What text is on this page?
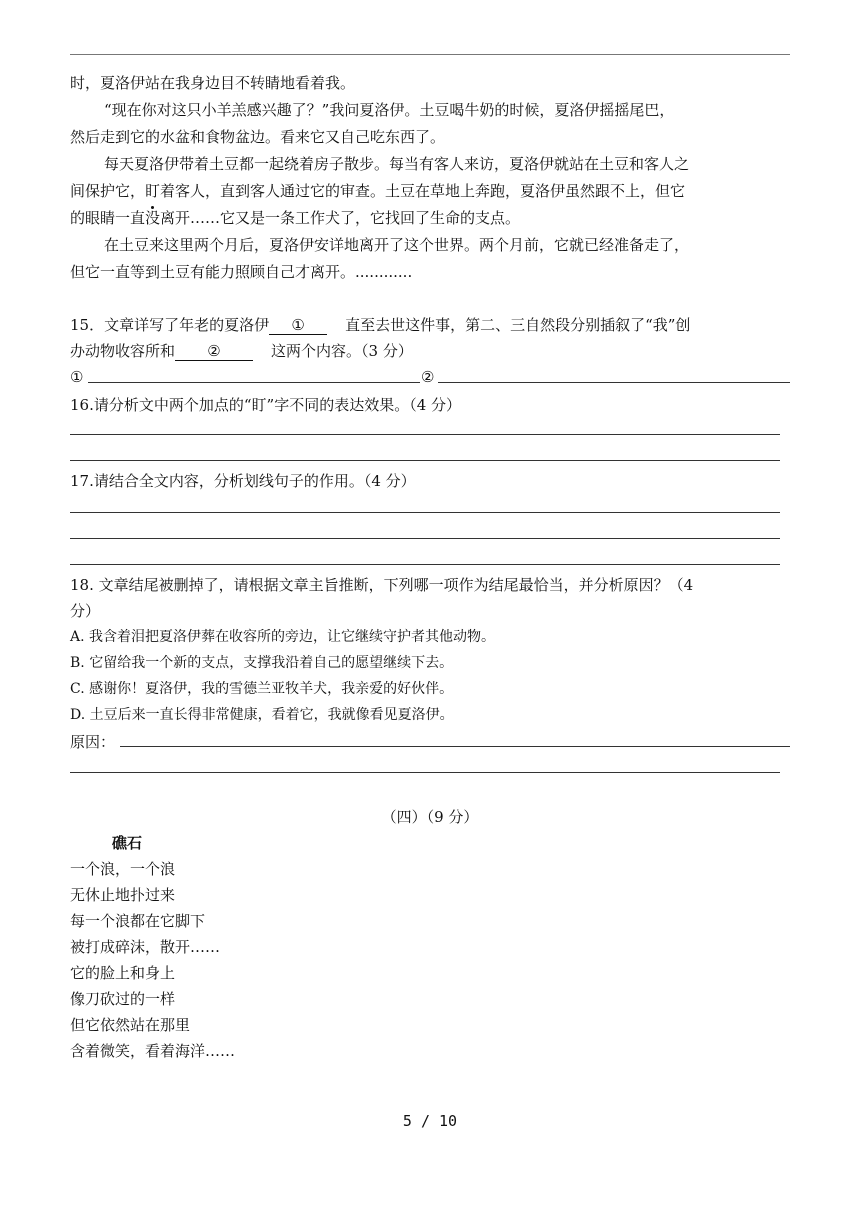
时，夏洛伊站在我身边目不转睛地看着我。
“现在你对这只小羊羔感兴趣了？”我问夏洛伊。土豆喝牛奶的时候，夏洛伊摇摇尾巴，
然后走到它的水盆和食物盆边。看来它又自己吃东西了。
每天夏洛伊带着土豆都一起绕着房子散步。每当有客人来访，夏洛伊就站在土豆和客人之
间保护它，盯着客人，直到客人通过它的审查。土豆在草地上奔跑，夏洛伊虽然跟不上，但它
的眼睛一直没离开……它又是一条工作犬了，它找回了生命的支点。
在土豆来这里两个月后，夏洛伊安详地离开了这个世界。两个月前，它就已经准备走了，
但它一直等到土豆有能力照顾自己才离开。............
15．文章详写了年老的夏洛伊 ①	直至去世这件事，第二、三自然段分别插叙了“我”创
办动物收容所和 ②	这两个内容。（3 分）
①	②
16.请分析文中两个加点的“盯”字不同的表达效果。（4 分）
17.请结合全文内容，分析划线句子的作用。（4 分）
18. 文章结尾被删掉了，请根据文章主旨推断，下列哪一项作为结尾最恰当，并分析原因？（4
分）
A. 我含着泪把夏洛伊葬在收容所的旁边，让它继续守护者其他动物。
B. 它留给我一个新的支点，支撑我沿着自己的愿望继续下去。
C. 感谢你！夏洛伊，我的雪德兰亚牧羊犬，我亲爱的好伙伴。
D. 土豆后来一直长得非常健康，看着它，我就像看见夏洛伊。
原因：
（四）（9 分）
礁石
一个浪，一个浪
无休止地扑过来
每一个浪都在它脚下
被打成碎沫，散开……
它的脸上和身上
像刀砍过的一样
但它依然站在那里
含着微笑，看着海洋……
5 / 10
